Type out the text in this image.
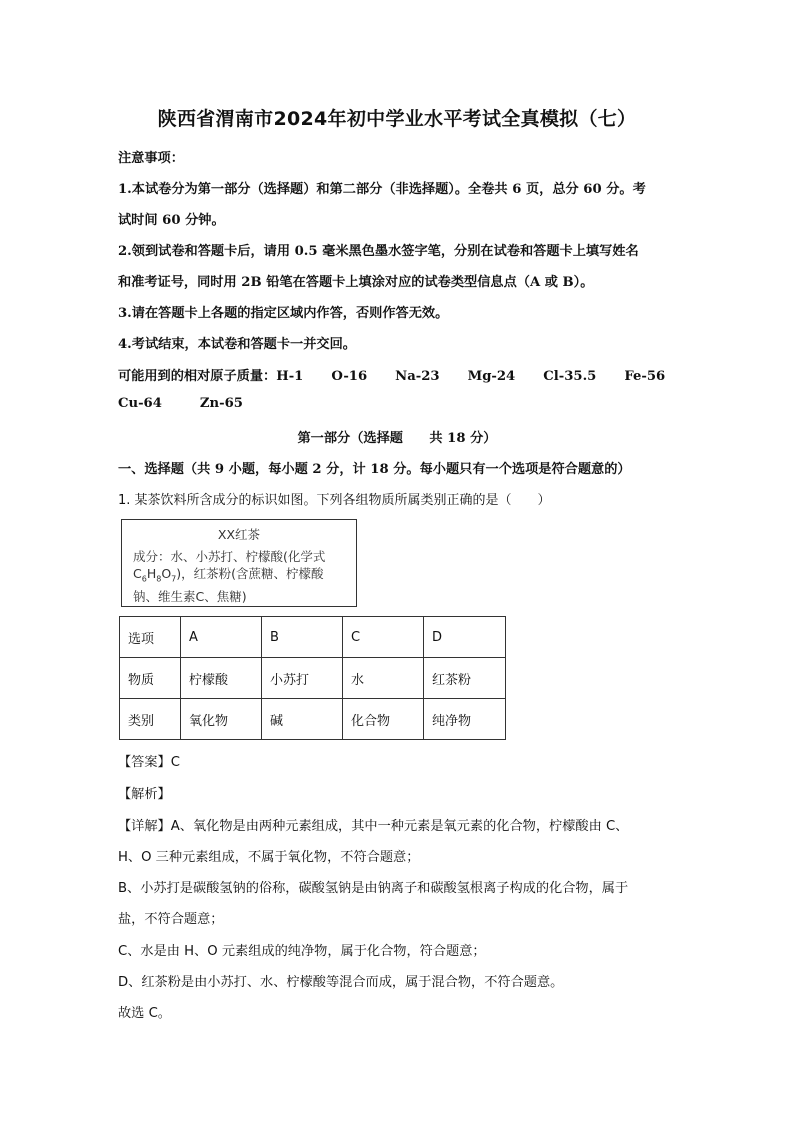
陕西省渭南市2024年初中学业水平考试全真模拟（七）
注意事项：
1.本试卷分为第一部分（选择题）和第二部分（非选择题）。全卷共 6 页，总分 60 分。考
试时间 60 分钟。
2.领到试卷和答题卡后，请用 0.5 毫米黑色墨水签字笔，分别在试卷和答题卡上填写姓名
和准考证号，同时用 2B 铅笔在答题卡上填涂对应的试卷类型信息点（A 或 B）。
3.请在答题卡上各题的指定区域内作答，否则作答无效。
4.考试结束，本试卷和答题卡一并交回。
可能用到的相对原子质量：H-1 O-16 Na-23 Mg-24 Cl-35.5 Fe-56
Cu-64	Zn-65
第一部分（选择题　　共 18 分）
一、选择题（共 9 小题，每小题 2 分，计 18 分。每小题只有一个选项是符合题意的）
1. 某茶饮料所含成分的标识如图。下列各组物质所属类别正确的是（　　）
XX红茶
成分：水、小苏打、柠檬酸(化学式
$C_6H_8O_7$)，红茶粉(含蔗糖、柠檬酸
钠、维生素C、焦糖)
选项	A	B	C	D
物质	柠檬酸	小苏打	水	红茶粉
类别	氧化物	碱	化合物	纯净物
【答案】C
【解析】
【详解】A、氧化物是由两种元素组成，其中一种元素是氧元素的化合物，柠檬酸由 C、
H、O 三种元素组成，不属于氧化物，不符合题意；
B、小苏打是碳酸氢钠的俗称，碳酸氢钠是由钠离子和碳酸氢根离子构成的化合物，属于
盐，不符合题意；
C、水是由 H、O 元素组成的纯净物，属于化合物，符合题意；
D、红茶粉是由小苏打、水、柠檬酸等混合而成，属于混合物，不符合题意。
故选 C。
